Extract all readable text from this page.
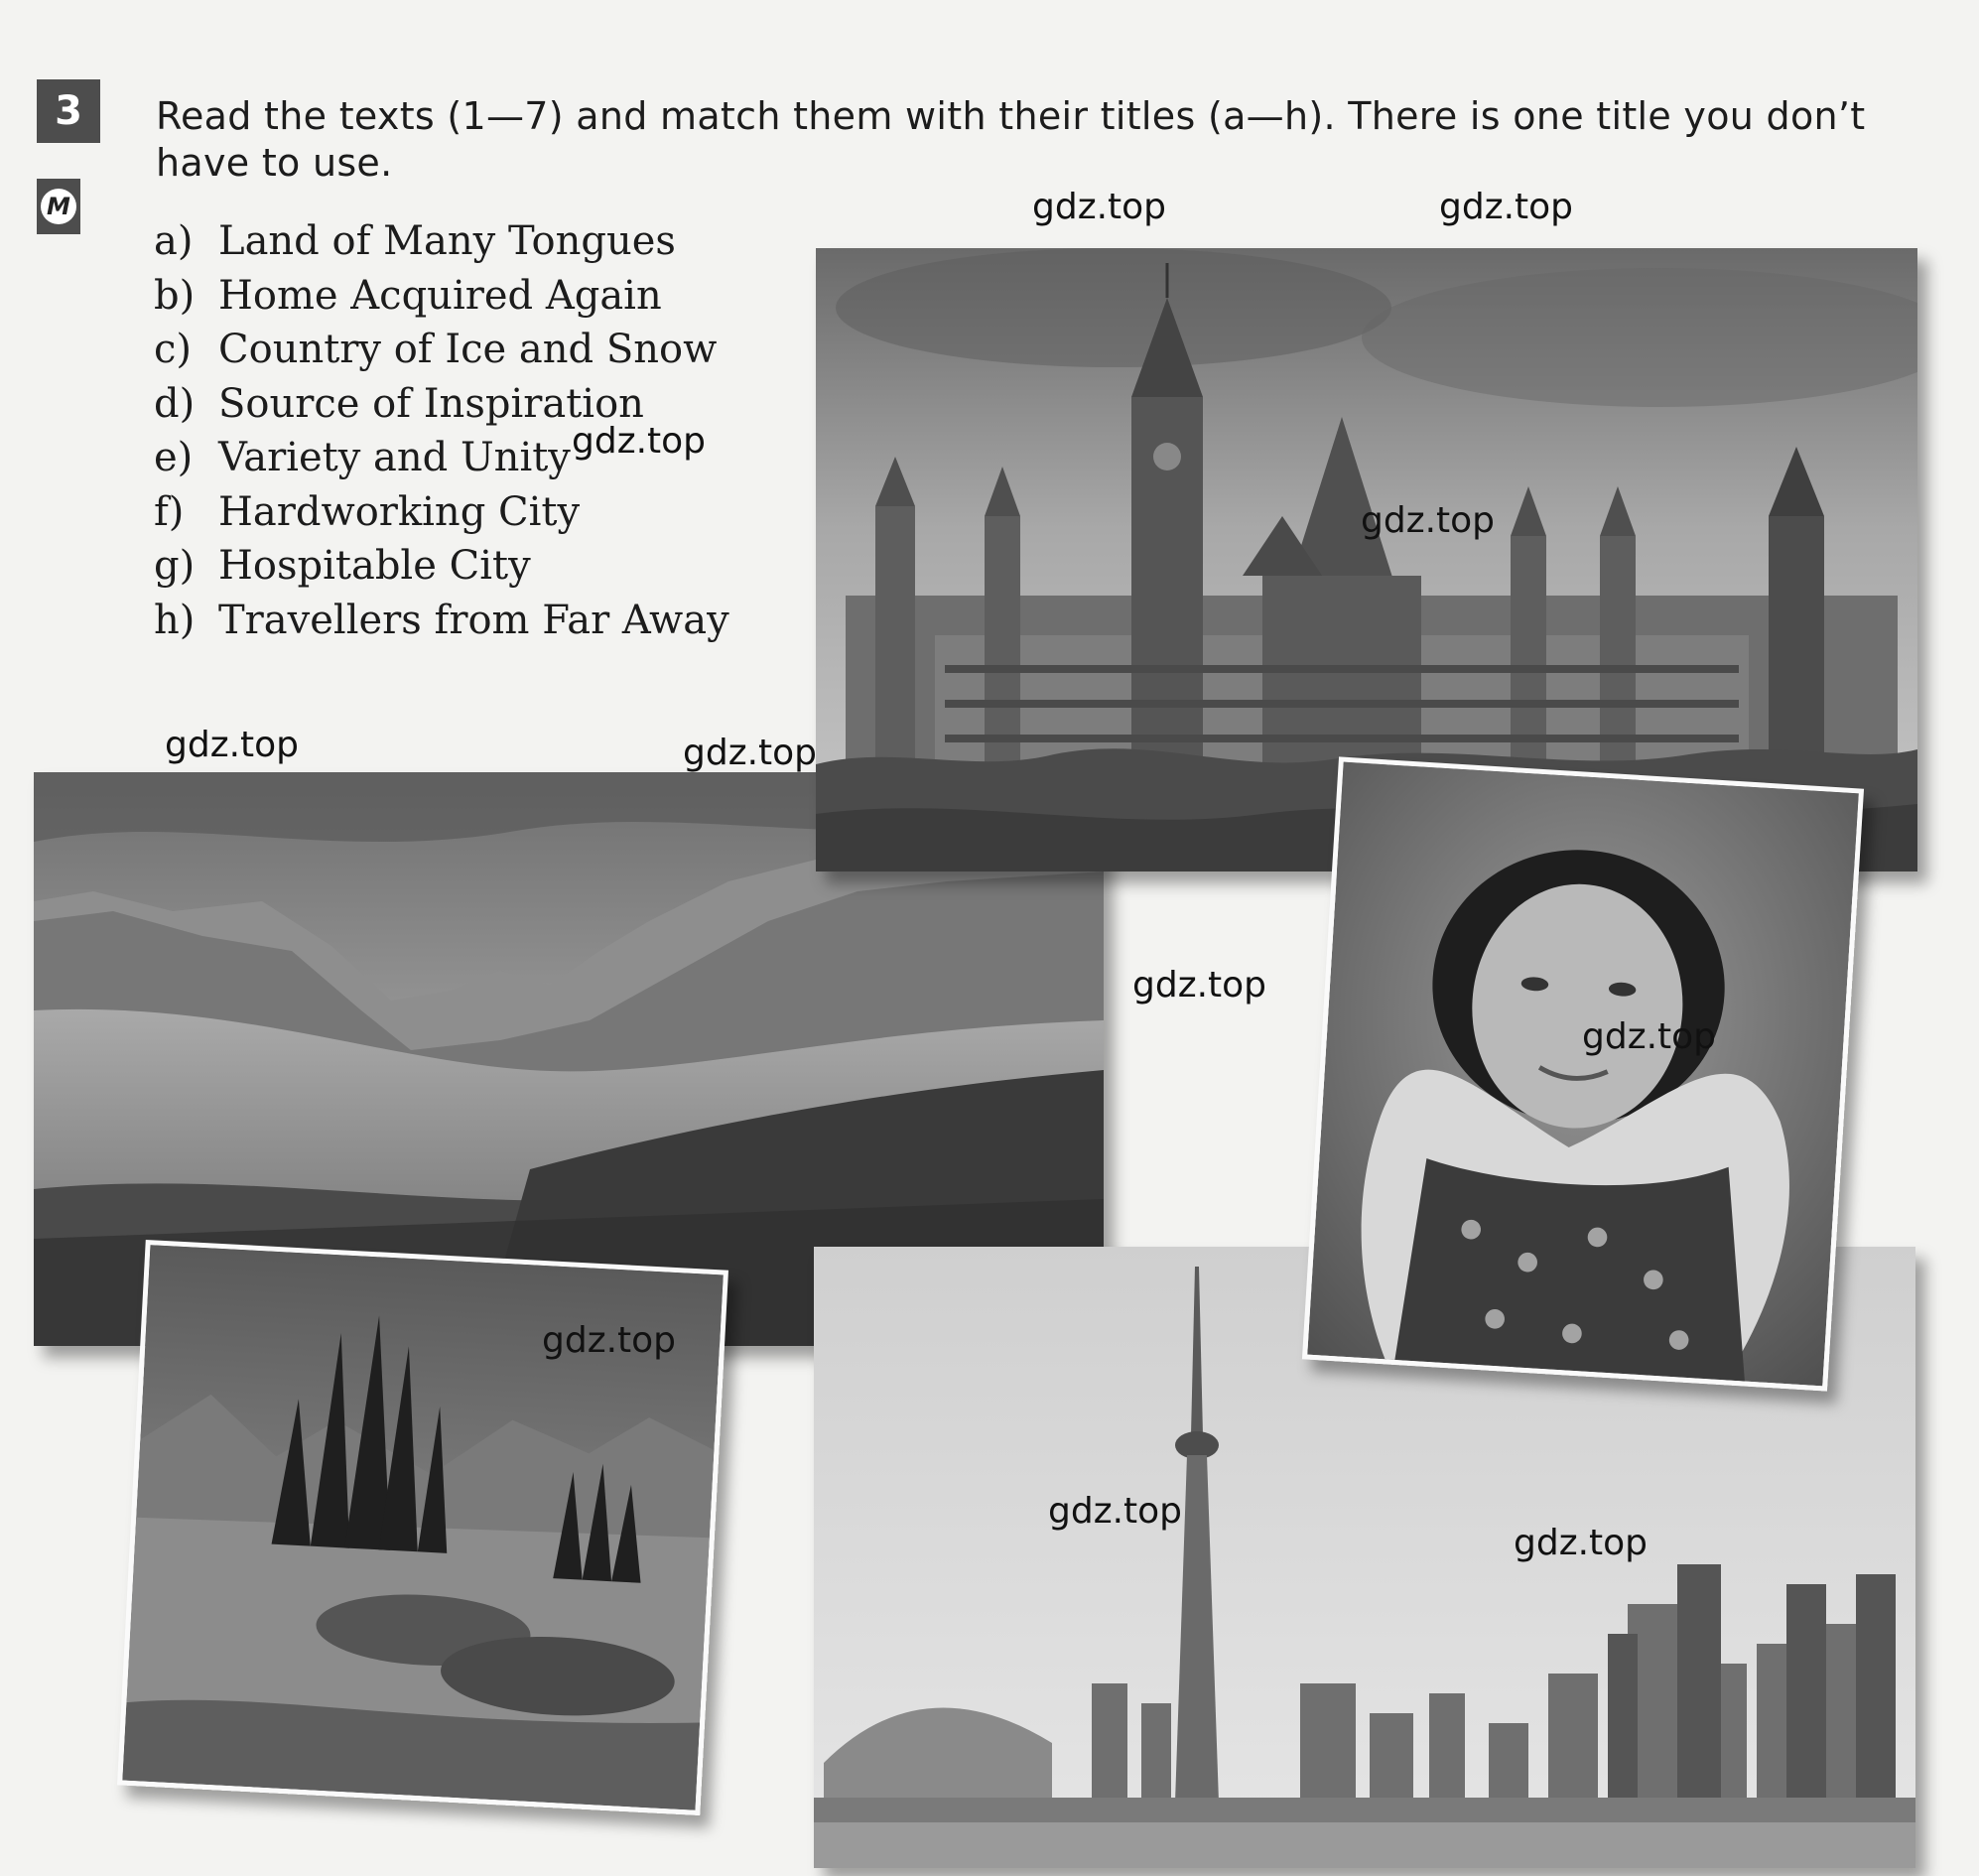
3
M
Read the texts (1—7) and match them with their titles (a—h). There is one title you don’t have to use.
a) Land of Many Tongues
b) Home Acquired Again
c) Country of Ice and Snow
d) Source of Inspiration
e) Variety and Unity
f) Hardworking City
g) Hospitable City
h) Travellers from Far Away
gdz.top	gdz.top
gdz.top
gdz.top
gdz.top	gdz.top
gdz.top
gdz.top
gdz.top
gdz.top
gdz.top
